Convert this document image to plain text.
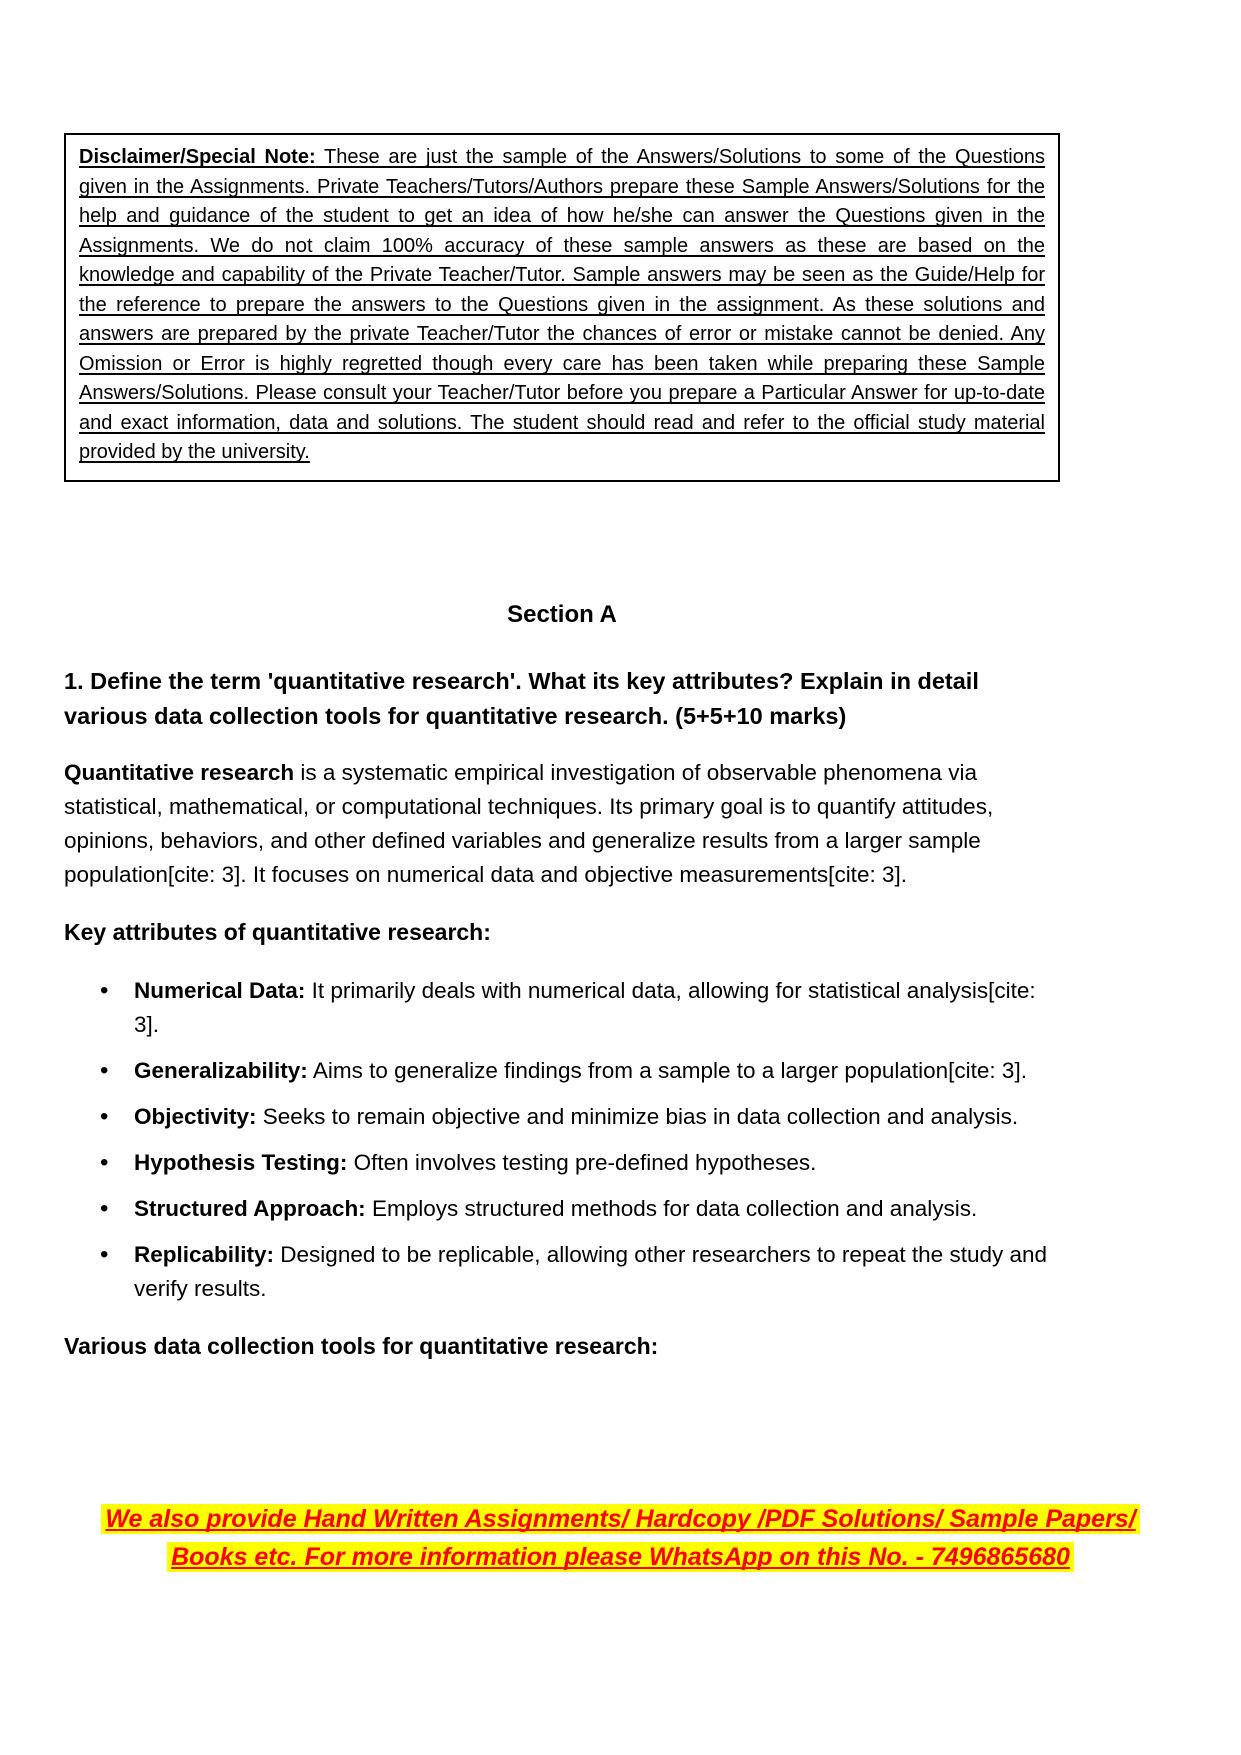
Disclaimer/Special Note: These are just the sample of the Answers/Solutions to some of the Questions given in the Assignments. Private Teachers/Tutors/Authors prepare these Sample Answers/Solutions for the help and guidance of the student to get an idea of how he/she can answer the Questions given in the Assignments. We do not claim 100% accuracy of these sample answers as these are based on the knowledge and capability of the Private Teacher/Tutor. Sample answers may be seen as the Guide/Help for the reference to prepare the answers to the Questions given in the assignment. As these solutions and answers are prepared by the private Teacher/Tutor the chances of error or mistake cannot be denied. Any Omission or Error is highly regretted though every care has been taken while preparing these Sample Answers/Solutions. Please consult your Teacher/Tutor before you prepare a Particular Answer for up-to-date and exact information, data and solutions. The student should read and refer to the official study material provided by the university.
Section A
1. Define the term 'quantitative research'. What its key attributes? Explain in detail various data collection tools for quantitative research. (5+5+10 marks)
Quantitative research is a systematic empirical investigation of observable phenomena via statistical, mathematical, or computational techniques. Its primary goal is to quantify attitudes, opinions, behaviors, and other defined variables and generalize results from a larger sample population[cite: 3]. It focuses on numerical data and objective measurements[cite: 3].
Key attributes of quantitative research:
• Numerical Data: It primarily deals with numerical data, allowing for statistical analysis[cite: 3].
• Generalizability: Aims to generalize findings from a sample to a larger population[cite: 3].
• Objectivity: Seeks to remain objective and minimize bias in data collection and analysis.
• Hypothesis Testing: Often involves testing pre-defined hypotheses.
• Structured Approach: Employs structured methods for data collection and analysis.
• Replicability: Designed to be replicable, allowing other researchers to repeat the study and verify results.
Various data collection tools for quantitative research:
We also provide Hand Written Assignments/ Hardcopy /PDF Solutions/ Sample Papers/
Books etc. For more information please WhatsApp on this No. - 7496865680
